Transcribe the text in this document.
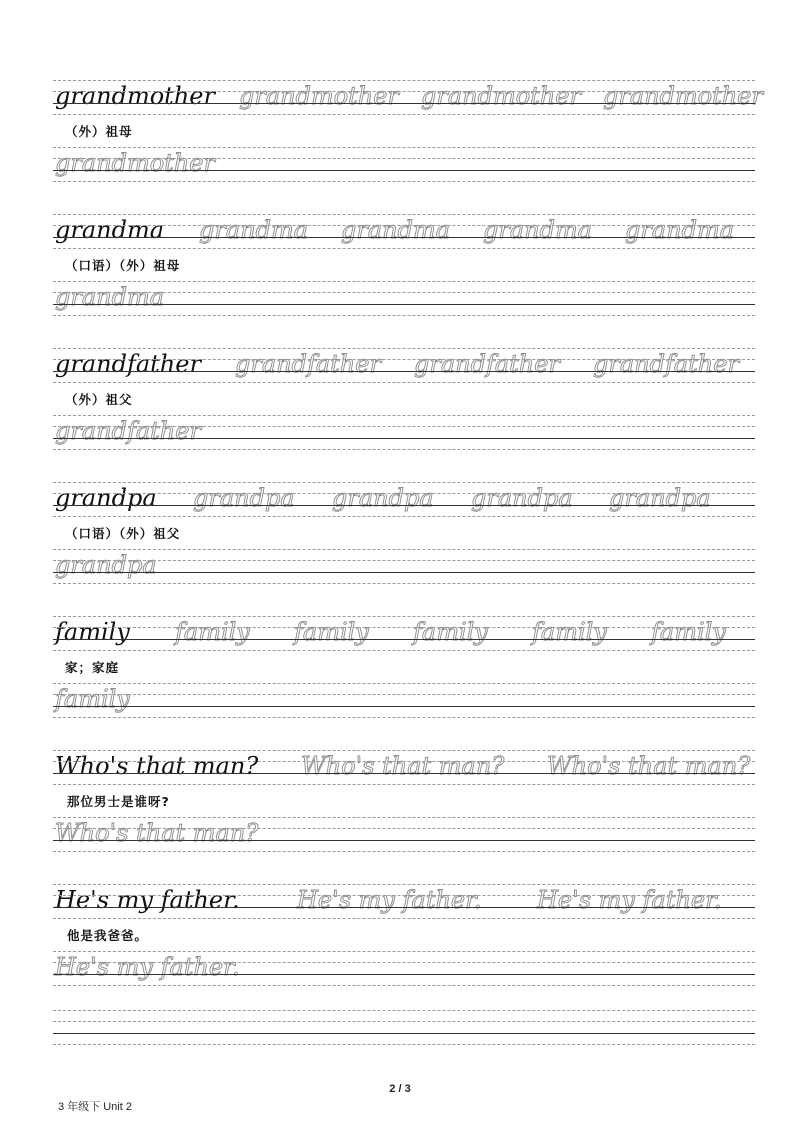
grandmother grandmother grandmother grandmother
（外）祖母
grandmother
grandma grandma grandma grandma grandma
（口语）（外）祖母
grandma
grandfather grandfather grandfather grandfather
（外）祖父
grandfather
grandpa grandpa grandpa grandpa grandpa
（口语）（外）祖父
grandpa
family family family family family family
家；家庭
family
Who's that man? Who's that man? Who's that man?
那位男士是谁呀?
Who's that man?
He's my father. He's my father. He's my father.
他是我爸爸。
He's my father.
2 / 3
3 年级下 Unit 2
